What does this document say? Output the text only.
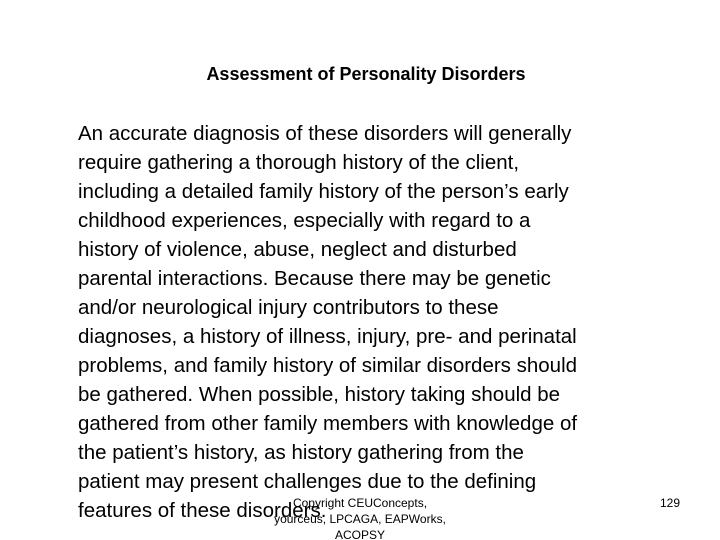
Assessment of Personality Disorders
An accurate diagnosis of these disorders will generally
require gathering a thorough history of the client,
including a detailed family history of the person’s early
childhood experiences, especially with regard to a
history of violence, abuse, neglect and disturbed
parental interactions. Because there may be genetic
and/or neurological injury contributors to these
diagnoses, a history of illness, injury, pre- and perinatal
problems, and family history of similar disorders should
be gathered. When possible, history taking should be
gathered from other family members with knowledge of
the patient’s history, as history gathering from the
patient may present challenges due to the defining
features of these disorders.
Copyright CEUConcepts,
yourceus, LPCAGA, EAPWorks,
ACOPSY
129
